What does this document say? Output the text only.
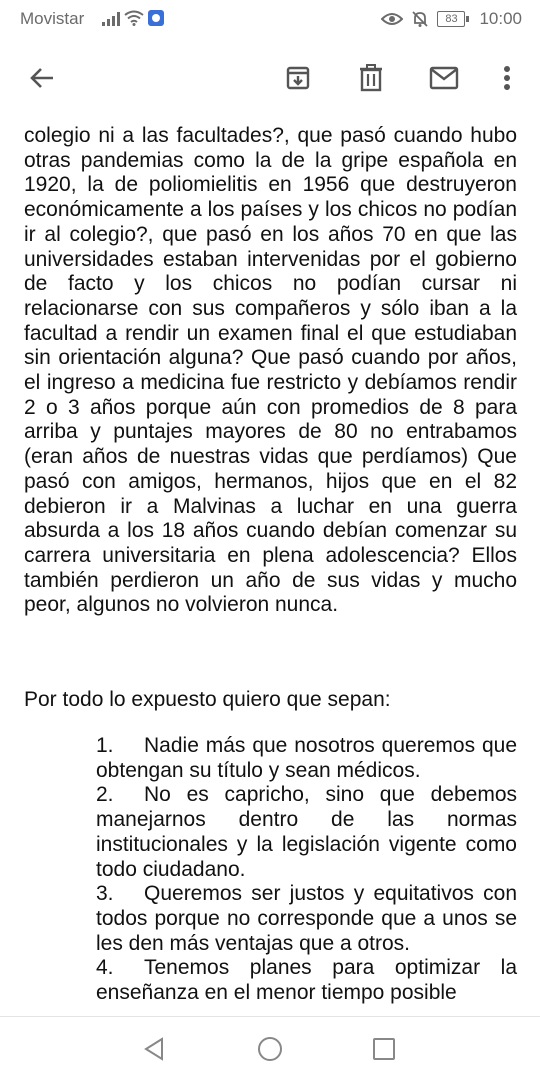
Movistar	83	10:00

colegio ni a las facultades?, que pasó cuando hubo otras pandemias como la de la gripe española en 1920, la de poliomielitis en 1956 que destruyeron económicamente a los países y los chicos no podían ir al colegio?, que pasó en los años 70 en que las universidades estaban intervenidas por el gobierno de facto y los chicos no podían cursar ni relacionarse con sus compañeros y sólo iban a la facultad a rendir un examen final el que estudiaban sin orientación alguna? Que pasó cuando por años, el ingreso a medicina fue restricto y debíamos rendir 2 o 3 años porque aún con promedios de 8 para arriba y puntajes mayores de 80 no entrabamos (eran años de nuestras vidas que perdíamos) Que pasó con amigos, hermanos, hijos que en el 82 debieron ir a Malvinas a luchar en una guerra absurda a los 18 años cuando debían comenzar su carrera universitaria en plena adolescencia? Ellos también perdieron un año de sus vidas y mucho peor, algunos no volvieron nunca.

Por todo lo expuesto quiero que sepan:

1. Nadie más que nosotros queremos que obtengan su título y sean médicos.
2. No es capricho, sino que debemos manejarnos dentro de las normas institucionales y la legislación vigente como todo ciudadano.
3. Queremos ser justos y equitativos con todos porque no corresponde que a unos se les den más ventajas que a otros.
4. Tenemos planes para optimizar la enseñanza en el menor tiempo posible
